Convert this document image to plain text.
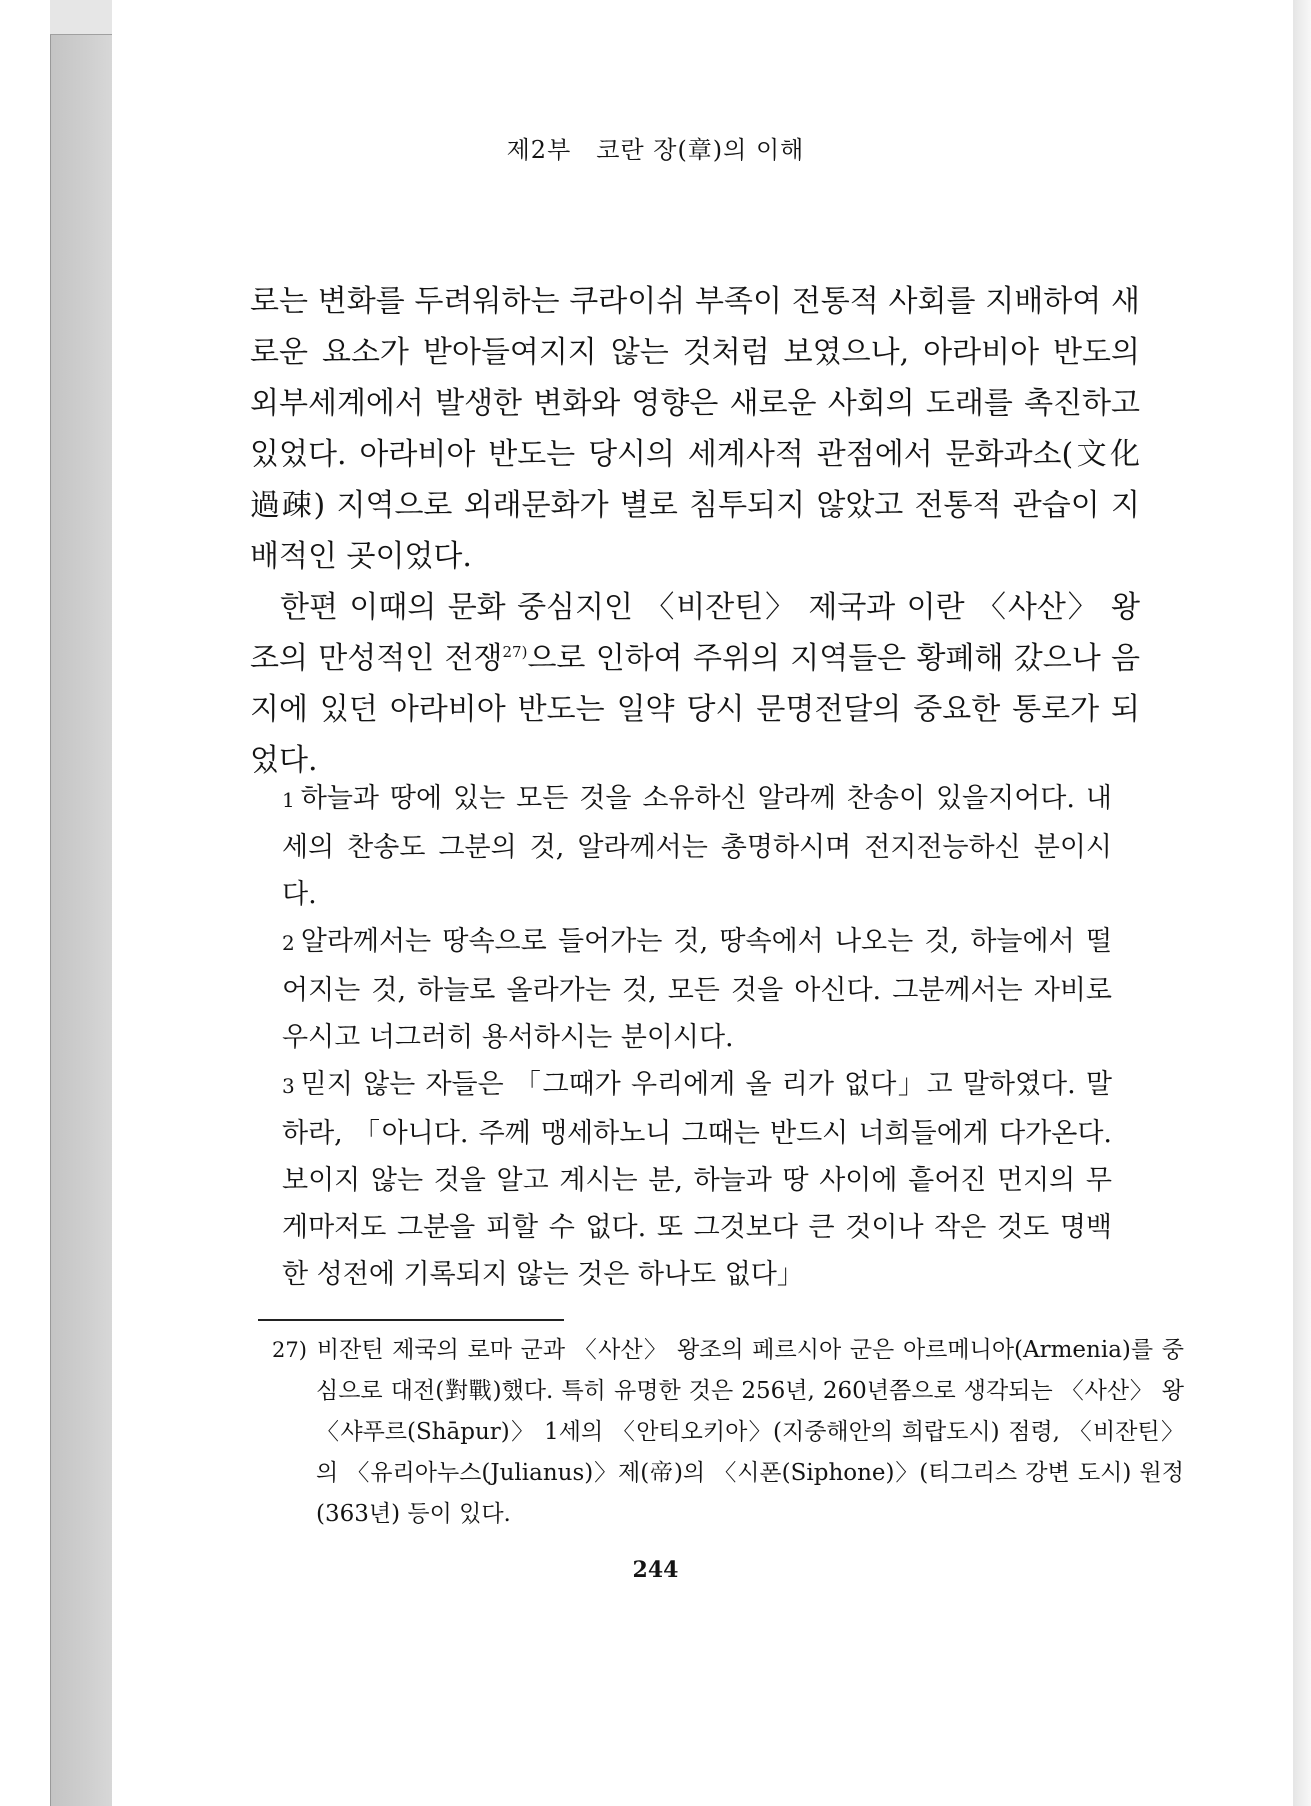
제2부　코란 장(章)의 이해

로는 변화를 두려워하는 쿠라이쉬 부족이 전통적 사회를 지배하여 새로운 요소가 받아들여지지 않는 것처럼 보였으나, 아라비아 반도의 외부세계에서 발생한 변화와 영향은 새로운 사회의 도래를 촉진하고 있었다. 아라비아 반도는 당시의 세계사적 관점에서 문화과소(文化過疎) 지역으로 외래문화가 별로 침투되지 않았고 전통적 관습이 지배적인 곳이었다.

한편 이때의 문화 중심지인 〈비잔틴〉 제국과 이란 〈사산〉 왕조의 만성적인 전쟁$^{27)}$으로 인하여 주위의 지역들은 황폐해 갔으나 음지에 있던 아라비아 반도는 일약 당시 문명전달의 중요한 통로가 되었다.

1 하늘과 땅에 있는 모든 것을 소유하신 알라께 찬송이 있을지어다. 내세의 찬송도 그분의 것, 알라께서는 총명하시며 전지전능하신 분이시다.

2 알라께서는 땅속으로 들어가는 것, 땅속에서 나오는 것, 하늘에서 떨어지는 것, 하늘로 올라가는 것, 모든 것을 아신다. 그분께서는 자비로우시고 너그러히 용서하시는 분이시다.

3 믿지 않는 자들은 「그때가 우리에게 올 리가 없다」고 말하였다. 말하라, 「아니다. 주께 맹세하노니 그때는 반드시 너희들에게 다가온다. 보이지 않는 것을 알고 계시는 분, 하늘과 땅 사이에 흩어진 먼지의 무게마저도 그분을 피할 수 없다. 또 그것보다 큰 것이나 작은 것도 명백한 성전에 기록되지 않는 것은 하나도 없다」

27) 비잔틴 제국의 로마 군과 〈사산〉 왕조의 페르시아 군은 아르메니아(Armenia)를 중심으로 대전(對戰)했다. 특히 유명한 것은 256년, 260년쯤으로 생각되는 〈사산〉 왕 〈샤푸르(Shāpur)〉 1세의 〈안티오키아〉(지중해안의 희랍도시) 점령, 〈비잔틴〉의 〈유리아누스(Julianus)〉제(帝)의 〈시폰(Siphone)〉(티그리스 강변 도시) 원정(363년) 등이 있다.
244
